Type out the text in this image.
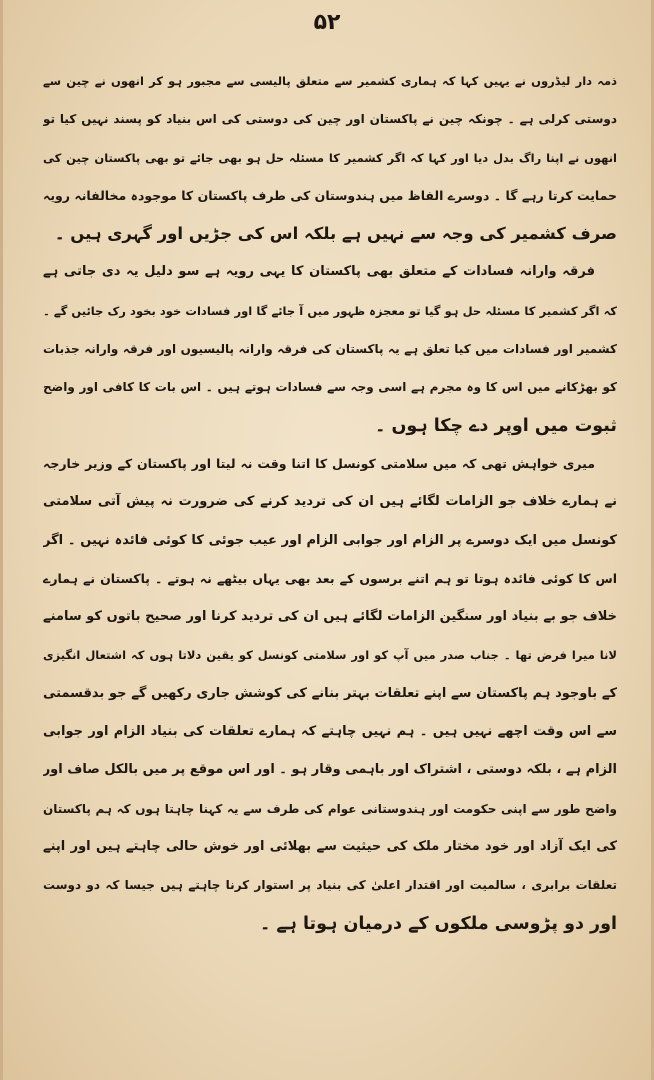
۵۲
ذمہ دار لیڈروں نے یہیں کہا کہ ہماری کشمیر سے متعلق پالیسی سے مجبور ہو کر انھوں نے چین سے
دوستی کرلی ہے ۔ چونکہ چین نے پاکستان اور چین کی دوستی کی اس بنیاد کو پسند نہیں کیا تو
انھوں نے اپنا راگ بدل دیا اور کہا کہ اگر کشمیر کا مسئلہ حل ہو بھی جائے تو بھی پاکستان چین کی
حمایت کرتا رہے گا ۔ دوسرے الفاظ میں ہندوستان کی طرف پاکستان کا موجودہ مخالفانہ رویہ
صرف کشمیر کی وجہ سے نہیں ہے بلکہ اس کی جڑیں اور گہری ہیں ۔
فرقہ وارانہ فسادات کے متعلق بھی پاکستان کا یہی رویہ ہے سو دلیل یہ دی جاتی ہے
کہ اگر کشمیر کا مسئلہ حل ہو گیا تو معجزہ ظہور میں آ جائے گا اور فسادات خود بخود رک جائیں گے ۔
کشمیر اور فسادات میں کیا تعلق ہے یہ پاکستان کی فرقہ وارانہ پالیسیوں اور فرقہ وارانہ جذبات
کو بھڑکانے میں اس کا وہ مجرم ہے اسی وجہ سے فسادات ہوتے ہیں ۔ اس بات کا کافی اور واضح
ثبوت میں اوپر دے چکا ہوں ۔
میری خواہش تھی کہ میں سلامتی کونسل کا اتنا وقت نہ لیتا اور پاکستان کے وزیر خارجہ
نے ہمارے خلاف جو الزامات لگائے ہیں ان کی تردید کرنے کی ضرورت نہ پیش آتی سلامتی
کونسل میں ایک دوسرے پر الزام اور جوابی الزام اور عیب جوئی کا کوئی فائدہ نہیں ۔ اگر
اس کا کوئی فائدہ ہوتا تو ہم اتنے برسوں کے بعد بھی یہاں بیٹھے نہ ہوتے ۔ پاکستان نے ہمارے
خلاف جو بے بنیاد اور سنگین الزامات لگائے ہیں ان کی تردید کرنا اور صحیح باتوں کو سامنے
لانا میرا فرض تھا ۔ جناب صدر میں آپ کو اور سلامتی کونسل کو یقین دلاتا ہوں کہ اشتعال انگیزی
کے باوجود ہم پاکستان سے اپنے تعلقات بہتر بنانے کی کوشش جاری رکھیں گے جو بدقسمتی
سے اس وقت اچھے نہیں ہیں ۔ ہم نہیں چاہتے کہ ہمارے تعلقات کی بنیاد الزام اور جوابی
الزام ہے ، بلکہ دوستی ، اشتراک اور باہمی وقار ہو ۔ اور اس موقع پر میں بالکل صاف اور
واضح طور سے اپنی حکومت اور ہندوستانی عوام کی طرف سے یہ کہنا چاہتا ہوں کہ ہم پاکستان
کی ایک آزاد اور خود مختار ملک کی حیثیت سے بھلائی اور خوش حالی چاہتے ہیں اور اپنے
تعلقات برابری ، سالمیت اور اقتدار اعلیٰ کی بنیاد پر استوار کرنا چاہتے ہیں جیسا کہ دو دوست
اور دو پڑوسی ملکوں کے درمیان ہوتا ہے ۔
